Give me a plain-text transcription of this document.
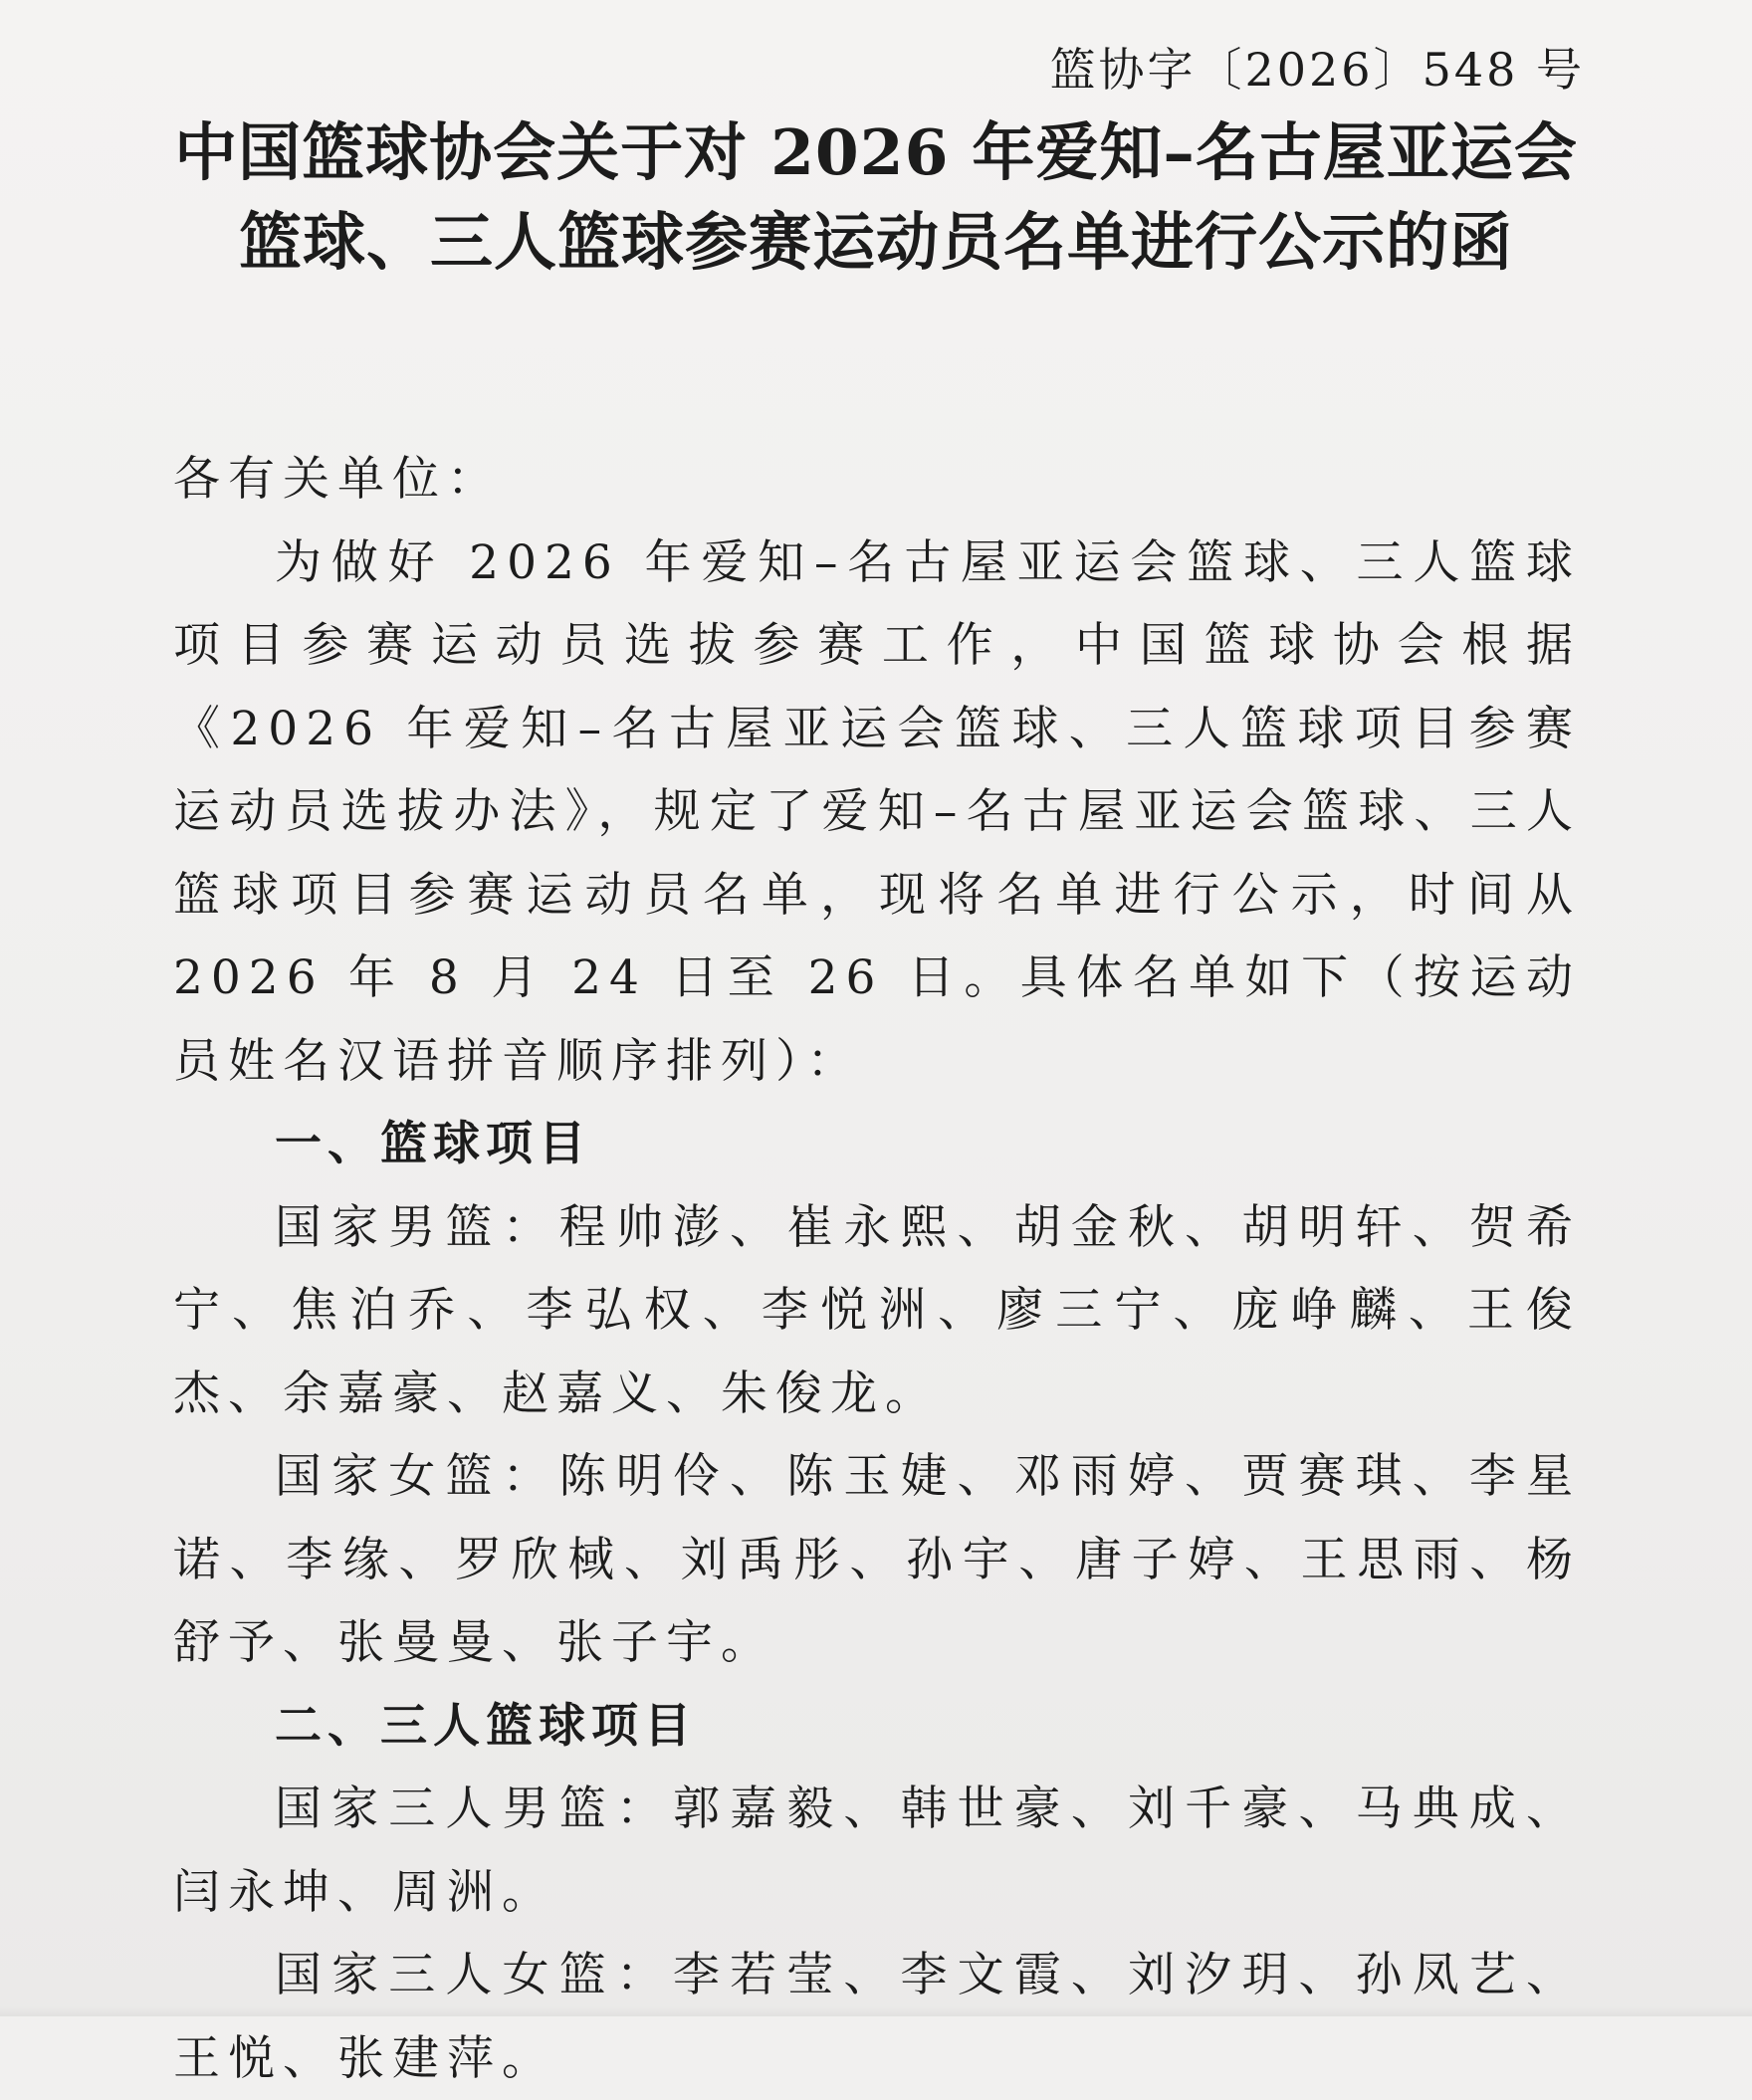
篮协字〔2026〕548 号
中国篮球协会关于对 2026 年爱知–名古屋亚运会
篮球、三人篮球参赛运动员名单进行公示的函

各有关单位：

为做好 2026 年爱知–名古屋亚运会篮球、三人篮球项目参赛运动员选拔参赛工作，中国篮球协会根据《2026 年爱知–名古屋亚运会篮球、三人篮球项目参赛运动员选拔办法》，规定了爱知–名古屋亚运会篮球、三人篮球项目参赛运动员名单，现将名单进行公示，时间从 2026 年 8 月 24 日至 26 日。具体名单如下（按运动员姓名汉语拼音顺序排列）：

一、篮球项目

国家男篮：程帅澎、崔永熙、胡金秋、胡明轩、贺希宁、焦泊乔、李弘权、李悦洲、廖三宁、庞峥麟、王俊杰、余嘉豪、赵嘉义、朱俊龙。

国家女篮：陈明伶、陈玉婕、邓雨婷、贾赛琪、李星诺、李缘、罗欣棫、刘禹彤、孙宇、唐子婷、王思雨、杨舒予、张曼曼、张子宇。

二、三人篮球项目

国家三人男篮：郭嘉毅、韩世豪、刘千豪、马典成、闫永坤、周洲。

国家三人女篮：李若莹、李文霞、刘汐玥、孙凤艺、王悦、张建萍。
